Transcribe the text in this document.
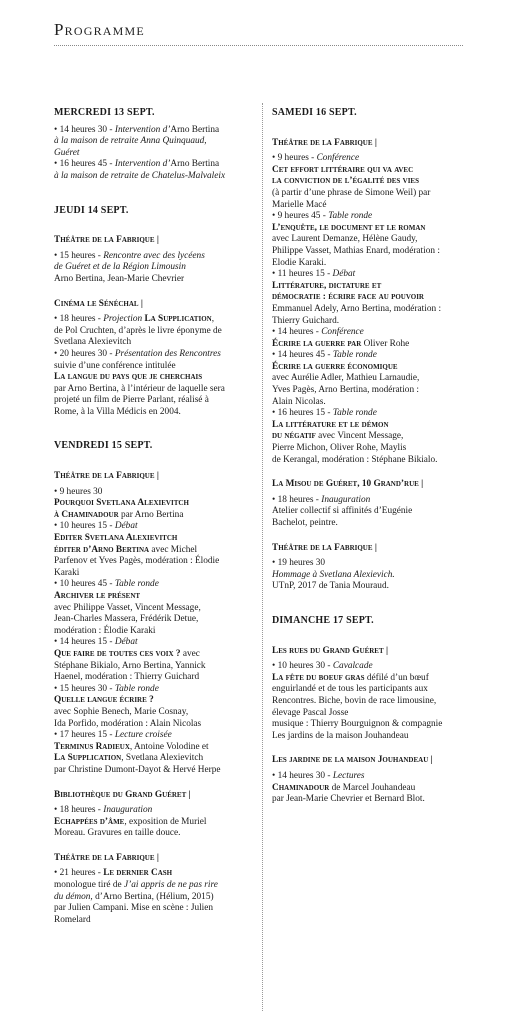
Programme
MERCREDI 13 SEPT.
• 14 heures 30 - Intervention d’Arno Bertina
à la maison de retraite Anna Quinquaud,
Guéret
• 16 heures 45 - Intervention d’Arno Bertina
à la maison de retraite de Chatelus-Malvaleix
JEUDI 14 SEPT.
Théâtre de la Fabrique |
• 15 heures - Rencontre avec des lycéens
de Guéret et de la Région Limousin
Arno Bertina, Jean-Marie Chevrier
Cinéma le Sénéchal |
• 18 heures - Projection La Supplication,
de Pol Cruchten, d’après le livre éponyme de
Svetlana Alexievitch
• 20 heures 30 - Présentation des Rencontres
suivie d’une conférence intitulée
La langue du pays que je cherchais
par Arno Bertina, à l’intérieur de laquelle sera
projeté un film de Pierre Parlant, réalisé à
Rome, à la Villa Médicis en 2004.
VENDREDI 15 SEPT.
Théâtre de la Fabrique |
• 9 heures 30
Pourquoi Svetlana Alexievitch
à Chaminadour par Arno Bertina
• 10 heures 15 - Débat
Editer Svetlana Alexievitch
éditer d’Arno Bertina avec Michel
Parfenov et Yves Pagès, modération : Élodie
Karaki
• 10 heures 45 - Table ronde
Archiver le présent
avec Philippe Vasset, Vincent Message,
Jean-Charles Massera, Frédérik Detue,
modération : Élodie Karaki
• 14 heures 15 - Débat
Que faire de toutes ces voix ? avec
Stéphane Bikialo, Arno Bertina, Yannick
Haenel, modération : Thierry Guichard
• 15 heures 30 - Table ronde
Quelle langue écrire ?
avec Sophie Benech, Marie Cosnay,
Ida Porfido, modération : Alain Nicolas
• 17 heures 15 - Lecture croisée
Terminus Radieux, Antoine Volodine et
La Supplication, Svetlana Alexievitch
par Christine Dumont-Dayot & Hervé Herpe
Bibliothèque du Grand Guéret |
• 18 heures - Inauguration
Echappées d’âme, exposition de Muriel
Moreau. Gravures en taille douce.
Théâtre de la Fabrique |
• 21 heures - Le dernier Cash
monologue tiré de J’ai appris de ne pas rire
du démon, d’Arno Bertina, (Hélium, 2015)
par Julien Campani. Mise en scène : Julien
Romelard
SAMEDI 16 SEPT.
Théâtre de la Fabrique |
• 9 heures - Conférence
Cet effort littéraire qui va avec
la conviction de l’égalité des vies
(à partir d’une phrase de Simone Weil) par
Marielle Macé
• 9 heures 45 - Table ronde
L’enquête, le document et le roman
avec Laurent Demanze, Hélène Gaudy,
Philippe Vasset, Mathias Enard, modération :
Elodie Karaki.
• 11 heures 15 - Débat
Littérature, dictature et
démocratie : écrire face au pouvoir
Emmanuel Adely, Arno Bertina, modération :
Thierry Guichard.
• 14 heures - Conférence
Écrire la guerre par Oliver Rohe
• 14 heures 45 - Table ronde
Écrire la guerre économique
avec Aurélie Adler, Mathieu Larnaudie,
Yves Pagès, Arno Bertina, modération :
Alain Nicolas.
• 16 heures 15 - Table ronde
La littérature et le démon
du négatif avec Vincent Message,
Pierre Michon, Oliver Rohe, Maylis
de Kerangal, modération : Stéphane Bikialo.
La Misou de Guéret, 10 Grand’rue |
• 18 heures - Inauguration
Atelier collectif si affinités d’Eugénie
Bachelot, peintre.
Théâtre de la Fabrique |
• 19 heures 30
Hommage à Svetlana Alexievich.
UTnP, 2017 de Tania Mouraud.
DIMANCHE 17 SEPT.
Les rues du Grand Guéret |
• 10 heures 30 - Cavalcade
La fête du boeuf gras défilé d’un bœuf
enguirlandé et de tous les participants aux
Rencontres. Biche, bovin de race limousine,
élevage Pascal Josse
musique : Thierry Bourguignon & compagnie
Les jardins de la maison Jouhandeau
Les jardine de la maison Jouhandeau |
• 14 heures 30 - Lectures
Chaminadour de Marcel Jouhandeau
par Jean-Marie Chevrier et Bernard Blot.
